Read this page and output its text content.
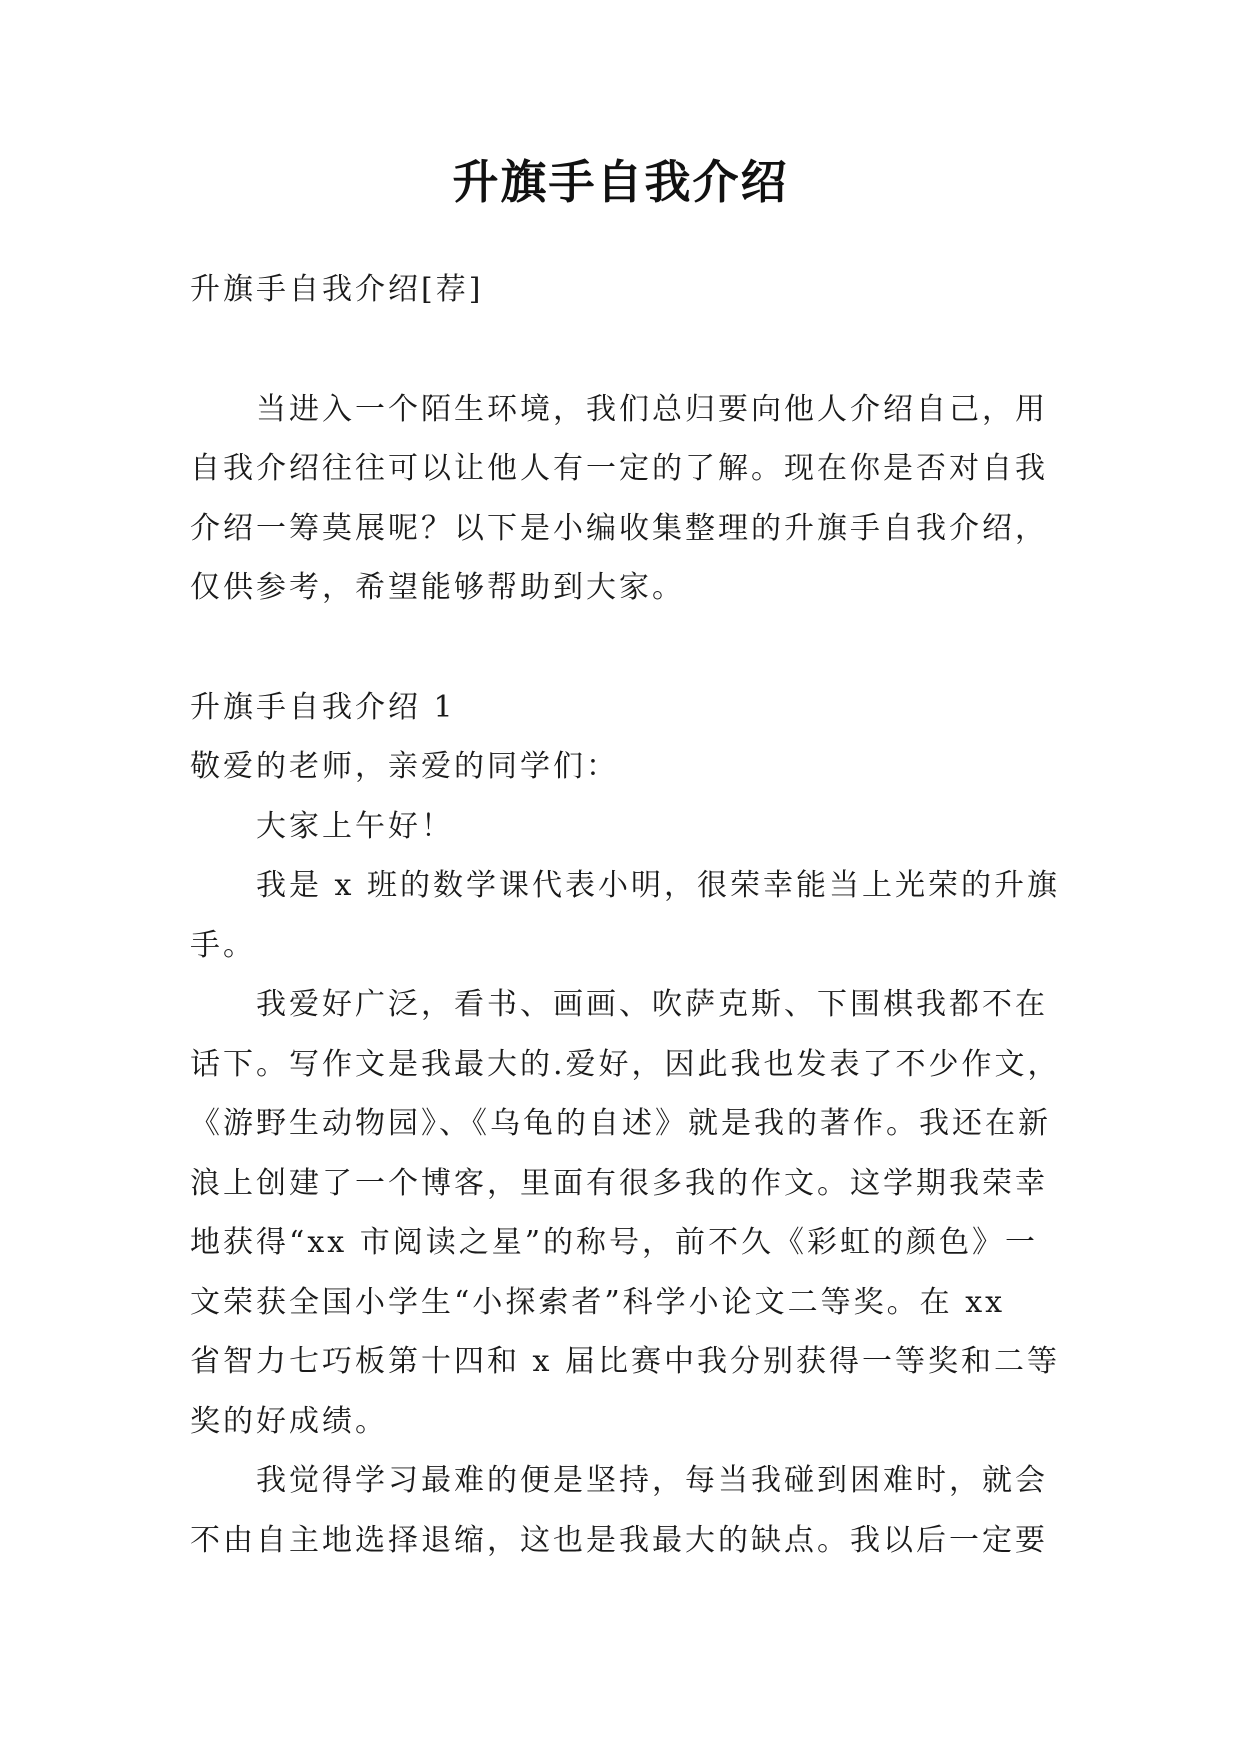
升旗手自我介绍

升旗手自我介绍[荐]

当进入一个陌生环境，我们总归要向他人介绍自己，用

自我介绍往往可以让他人有一定的了解。现在你是否对自我

介绍一筹莫展呢？以下是小编收集整理的升旗手自我介绍，

仅供参考，希望能够帮助到大家。

升旗手自我介绍 1

敬爱的老师，亲爱的同学们：

大家上午好！

我是 x 班的数学课代表小明，很荣幸能当上光荣的升旗

手。

我爱好广泛，看书、画画、吹萨克斯、下围棋我都不在

话下。写作文是我最大的.爱好，因此我也发表了不少作文，

《游野生动物园》、《乌龟的自述》就是我的著作。我还在新

浪上创建了一个博客，里面有很多我的作文。这学期我荣幸

地获得“xx 市阅读之星”的称号，前不久《彩虹的颜色》一

文荣获全国小学生“小探索者”科学小论文二等奖。在 xx

省智力七巧板第十四和 x 届比赛中我分别获得一等奖和二等

奖的好成绩。

我觉得学习最难的便是坚持，每当我碰到困难时，就会

不由自主地选择退缩，这也是我最大的缺点。我以后一定要
